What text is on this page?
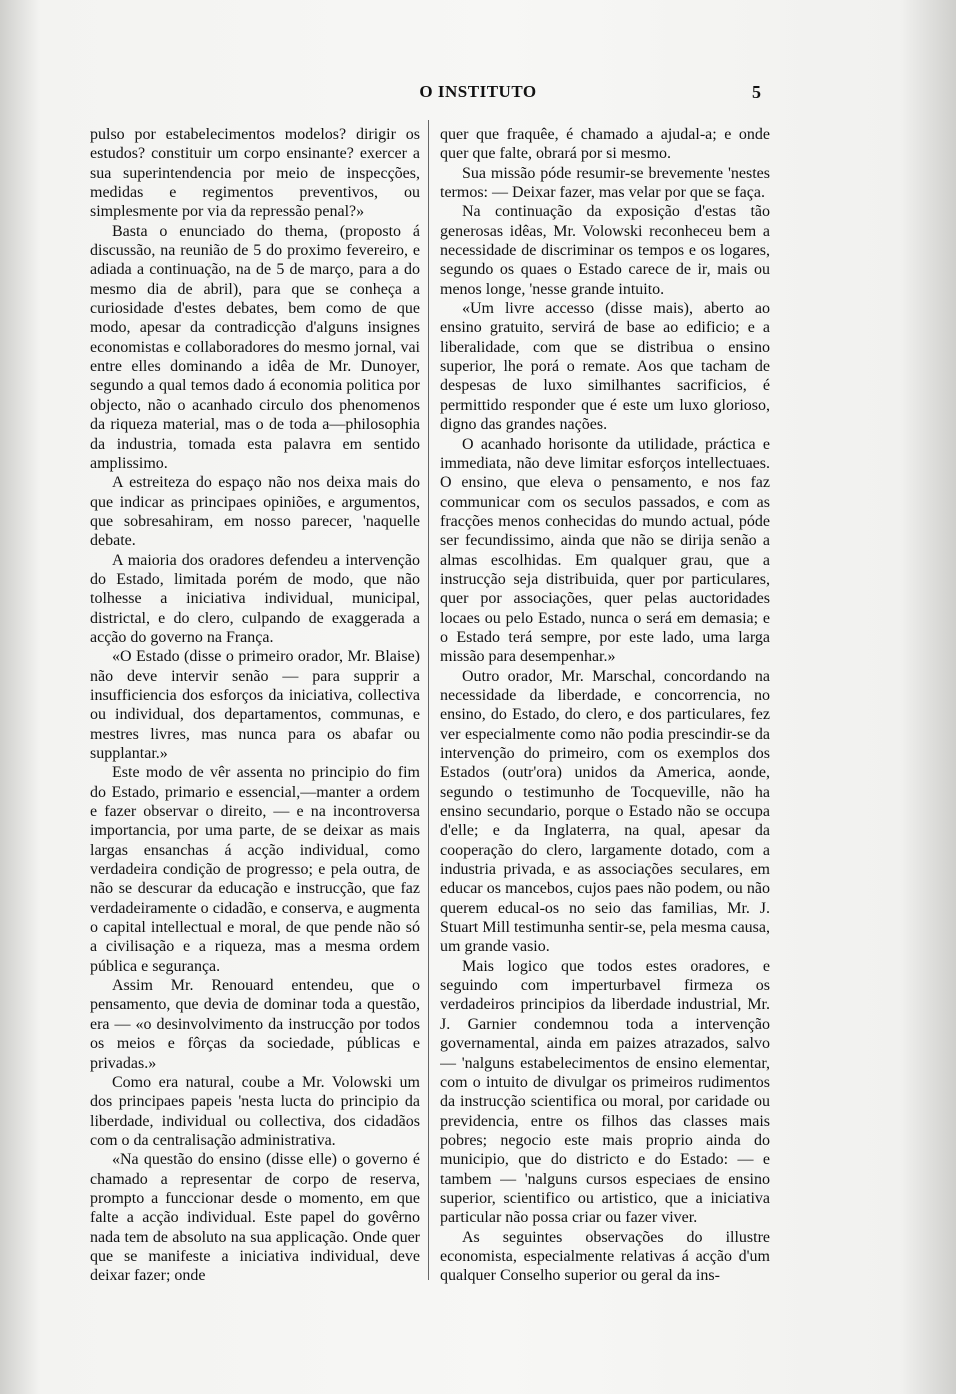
O INSTITUTO	5

pulso por estabelecimentos modelos? dirigir os estudos? constituir um corpo ensinante? exercer a sua superintendencia por meio de inspecções, medidas e regimentos preventivos, ou simplesmente por via da repressão penal?»

Basta o enunciado do thema, (proposto á discussão, na reunião de 5 do proximo fevereiro, e adiada a continuação, na de 5 de março, para a do mesmo dia de abril), para que se conheça a curiosidade d'estes debates, bem como de que modo, apesar da contradicção d'alguns insignes economistas e collaboradores do mesmo jornal, vai entre elles dominando a idêa de Mr. Dunoyer, segundo a qual temos dado á economia politica por objecto, não o acanhado circulo dos phenomenos da riqueza material, mas o de toda a—philosophia da industria, tomada esta palavra em sentido amplissimo.

A estreiteza do espaço não nos deixa mais do que indicar as principaes opiniões, e argumentos, que sobresahiram, em nosso parecer, 'naquelle debate.

A maioria dos oradores defendeu a intervenção do Estado, limitada porém de modo, que não tolhesse a iniciativa individual, municipal, districtal, e do clero, culpando de exaggerada a acção do governo na França.

«O Estado (disse o primeiro orador, Mr. Blaise) não deve intervir senão — para supprir a insufficiencia dos esforços da iniciativa, collectiva ou individual, dos departamentos, communas, e mestres livres, mas nunca para os abafar ou supplantar.»

Este modo de vêr assenta no principio do fim do Estado, primario e essencial,—manter a ordem e fazer observar o direito, — e na incontroversa importancia, por uma parte, de se deixar as mais largas ensanchas á acção individual, como verdadeira condição de progresso; e pela outra, de não se descurar da educação e instrucção, que faz verdadeiramente o cidadão, e conserva, e augmenta o capital intellectual e moral, de que pende não só a civilisação e a riqueza, mas a mesma ordem pública e segurança.

Assim Mr. Renouard entendeu, que o pensamento, que devia de dominar toda a questão, era — «o desinvolvimento da instrucção por todos os meios e fôrças da sociedade, públicas e privadas.»

Como era natural, coube a Mr. Volowski um dos principaes papeis 'nesta lucta do principio da liberdade, individual ou collectiva, dos cidadãos com o da centralisação administrativa.

«Na questão do ensino (disse elle) o governo é chamado a representar de corpo de reserva, prompto a funccionar desde o momento, em que falte a acção individual. Este papel do govêrno nada tem de absoluto na sua applicação. Onde quer que se manifeste a iniciativa individual, deve deixar fazer; onde

quer que fraquêe, é chamado a ajudal-a; e onde quer que falte, obrará por si mesmo.

Sua missão póde resumir-se brevemente 'nestes termos: — Deixar fazer, mas velar por que se faça.

Na continuação da exposição d'estas tão generosas idêas, Mr. Volowski reconheceu bem a necessidade de discriminar os tempos e os logares, segundo os quaes o Estado carece de ir, mais ou menos longe, 'nesse grande intuito.

«Um livre accesso (disse mais), aberto ao ensino gratuito, servirá de base ao edificio; e a liberalidade, com que se distribua o ensino superior, lhe porá o remate. Aos que tacham de despesas de luxo similhantes sacrificios, é permittido responder que é este um luxo glorioso, digno das grandes nações.

O acanhado horisonte da utilidade, práctica e immediata, não deve limitar esforços intellectuaes. O ensino, que eleva o pensamento, e nos faz communicar com os seculos passados, e com as fracções menos conhecidas do mundo actual, póde ser fecundissimo, ainda que não se dirija senão a almas escolhidas. Em qualquer grau, que a instrucção seja distribuida, quer por particulares, quer por associações, quer pelas auctoridades locaes ou pelo Estado, nunca o será em demasia; e o Estado terá sempre, por este lado, uma larga missão para desempenhar.»

Outro orador, Mr. Marschal, concordando na necessidade da liberdade, e concorrencia, no ensino, do Estado, do clero, e dos particulares, fez ver especialmente como não podia prescindir-se da intervenção do primeiro, com os exemplos dos Estados (outr'ora) unidos da America, aonde, segundo o testimunho de Tocqueville, não ha ensino secundario, porque o Estado não se occupa d'elle; e da Inglaterra, na qual, apesar da cooperação do clero, largamente dotado, com a industria privada, e as associações seculares, em educar os mancebos, cujos paes não podem, ou não querem educal-os no seio das familias, Mr. J. Stuart Mill testimunha sentir-se, pela mesma causa, um grande vasio.

Mais logico que todos estes oradores, e seguindo com imperturbavel firmeza os verdadeiros principios da liberdade industrial, Mr. J. Garnier condemnou toda a intervenção governamental, ainda em paizes atrazados, salvo — 'nalguns estabelecimentos de ensino elementar, com o intuito de divulgar os primeiros rudimentos da instrucção scientifica ou moral, por caridade ou previdencia, entre os filhos das classes mais pobres; negocio este mais proprio ainda do municipio, que do districto e do Estado: — e tambem — 'nalguns cursos especiaes de ensino superior, scientifico ou artistico, que a iniciativa particular não possa criar ou fazer viver.

As seguintes observações do illustre economista, especialmente relativas á acção d'um qualquer Conselho superior ou geral da ins-
